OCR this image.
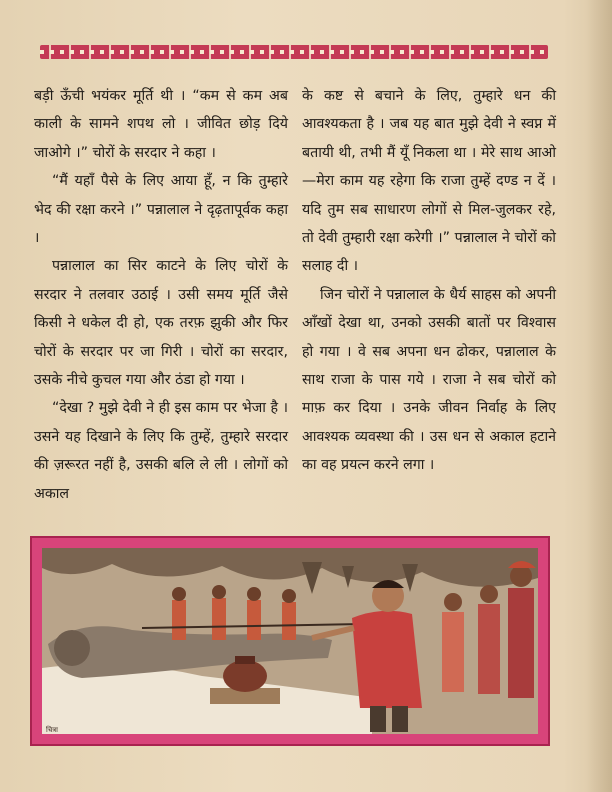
बड़ी ऊँची भयंकर मूर्ति थी । “कम से कम अब काली के सामने शपथ लो । जीवित छोड़ दिये जाओगे ।” चोरों के सरदार ने कहा ।

“मैं यहाँ पैसे के लिए आया हूँ, न कि तुम्हारे भेद की रक्षा करने ।” पन्नालाल ने दृढ़तापूर्वक कहा ।

पन्नालाल का सिर काटने के लिए चोरों के सरदार ने तलवार उठाई । उसी समय मूर्ति जैसे किसी ने धकेल दी हो, एक तरफ़ झुकी और फिर चोरों के सरदार पर जा गिरी । चोरों का सरदार, उसके नीचे कुचल गया और ठंडा हो गया ।

“देखा ? मुझे देवी ने ही इस काम पर भेजा है । उसने यह दिखाने के लिए कि तुम्हें, तुम्हारे सरदार की ज़रूरत नहीं है, उसकी बलि ले ली । लोगों को अकाल

के कष्ट से बचाने के लिए, तुम्हारे धन की आवश्यकता है । जब यह बात मुझे देवी ने स्वप्न में बतायी थी, तभी मैं यूँ निकला था । मेरे साथ आओ—मेरा काम यह रहेगा कि राजा तुम्हें दण्ड न दें । यदि तुम सब साधारण लोगों से मिल-जुलकर रहे, तो देवी तुम्हारी रक्षा करेगी ।” पन्नालाल ने चोरों को सलाह दी ।

जिन चोरों ने पन्नालाल के धैर्य साहस को अपनी आँखों देखा था, उनको उसकी बातों पर विश्वास हो गया । वे सब अपना धन ढोकर, पन्नालाल के साथ राजा के पास गये । राजा ने सब चोरों को माफ़ कर दिया । उनके जीवन निर्वाह के लिए आवश्यक व्यवस्था की । उस धन से अकाल हटाने का वह प्रयत्न करने लगा ।

चित्रा
